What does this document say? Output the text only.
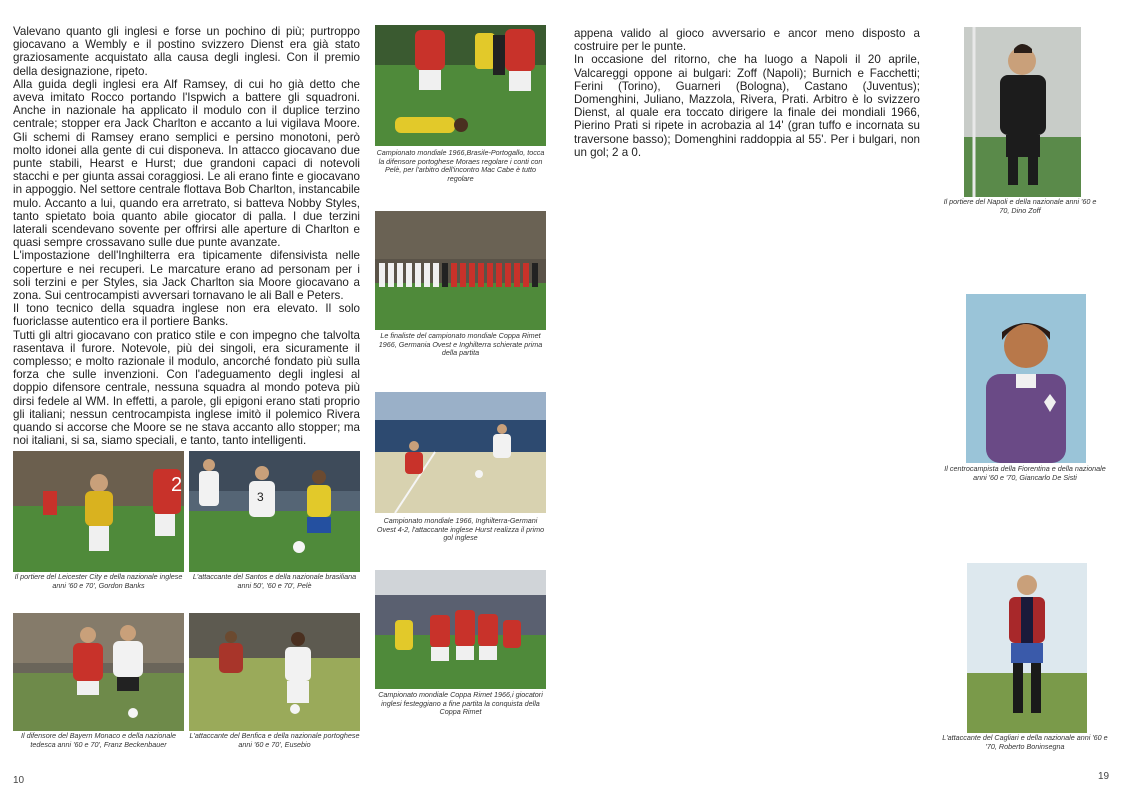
Valevano quanto gli inglesi e forse un pochino di più; purtroppo giocavano a Wembly e il postino svizzero Dienst era già stato graziosamente acquistato alla causa degli inglesi. Con il premio della designazione, ripeto.

Alla guida degli inglesi era Alf Ramsey, di cui ho già detto che aveva imitato Rocco portando l'Ispwich a battere gli squadroni. Anche in nazionale ha applicato il modulo con il duplice terzino centrale; stopper era Jack Charlton e accanto a lui vigilava Moore. Gli schemi di Ramsey erano semplici e persino monotoni, però molto idonei alla gente di cui disponeva. In attacco giocavano due punte stabili, Hearst e Hurst; due grandoni capaci di notevoli stacchi e per giunta assai coraggiosi. Le ali erano finte e giocavano in appoggio. Nel settore centrale flottava Bob Charlton, instancabile mulo. Accanto a lui, quando era arretrato, si batteva Nobby Styles, tanto spietato boia quanto abile giocator di palla. I due terzini laterali scendevano sovente per offrirsi alle aperture di Charlton e quasi sempre crossavano sulle due punte avanzate.

L'impostazione dell'Inghilterra era tipicamente difensivista nelle coperture e nei recuperi. Le marcature erano ad personam per i soli terzini e per Styles, sia Jack Charlton sia Moore giocavano a zona. Sui centrocampisti avversari tornavano le ali Ball e Peters.

Il tono tecnico della squadra inglese non era elevato. Il solo fuoriclasse autentico era il portiere Banks.

Tutti gli altri giocavano con pratico stile e con impegno che talvolta rasentava il furore. Notevole, più dei singoli, era sicuramente il complesso; e molto razionale il modulo, ancorché fondato più sulla forza che sulle invenzioni. Con l'adeguamento degli inglesi al doppio difensore centrale, nessuna squadra al mondo poteva più dirsi fedele al WM. In effetti, a parole, gli epigoni erano stati proprio gli italiani; nessun centrocampista inglese imitò il polemico Rivera quando si accorse che Moore se ne stava accanto allo stopper; ma noi italiani, si sa, siamo speciali, e tanto, tanto intelligenti.

2
Il portiere del Leicester City e della nazionale inglese anni '60 e 70', Gordon Banks
3
L'attaccante del Santos e della nazionale brasiliana anni 50', '60 e 70', Pelè
Il difensore del Bayern Monaco e della nazionale tedesca anni '60 e 70', Franz Beckenbauer
L'attaccante del Benfica e della nazionale portoghese anni '60 e 70', Eusebio
10
Campionato mondiale 1966,Brasile-Portogallo, tocca la difensore portoghese Moraes regolare i conti con Pelè, per l'arbitro dell'incontro Mac Cabe è tutto regolare
Le finaliste del campionato mondiale Coppa Rimet 1966, Germania Ovest e Inghilterra schierate prima della partita
Campionato mondiale 1966, Inghilterra-Germani Ovest 4-2, l'attaccante inglese Hurst realizza il primo gol inglese
Campionato mondiale Coppa Rimet 1966,i giocatori inglesi festeggiano a fine partita la conquista della Coppa Rimet

appena valido al gioco avversario e ancor meno disposto a costruire per le punte.

In occasione del ritorno, che ha luogo a Napoli il 20 aprile, Valcareggi oppone ai bulgari: Zoff (Napoli); Burnich e Facchetti; Ferini (Torino), Guarneri (Bologna), Castano (Juventus); Domenghini, Juliano, Mazzola, Rivera, Prati. Arbitro è lo svizzero Dienst, al quale era toccato dirigere la finale dei mondiali 1966, Pierino Prati si ripete in acrobazia al 14' (gran tuffo e incornata su traversone basso); Domenghini raddoppia al 55'. Per i bulgari, non un gol; 2 a 0.

Il portiere del Napoli e della nazionale anni '60 e 70, Dino Zoff
Il centrocampista della Fiorentina e della nazionale anni '60 e '70, Giancarlo De Sisti
L'attaccante del Cagliari e della nazionale anni '60 e '70, Roberto Boninsegna
19
